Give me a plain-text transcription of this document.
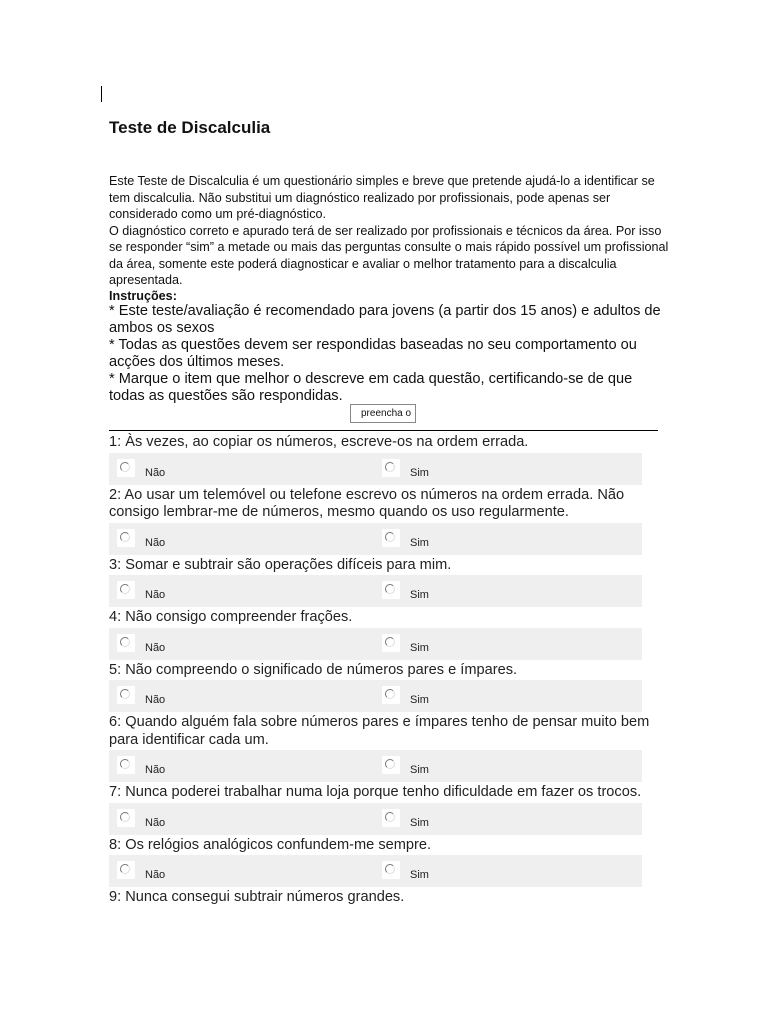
Teste de Discalculia

Este Teste de Discalculia é um questionário simples e breve que pretende ajudá-lo a identificar se tem discalculia. Não substitui um diagnóstico realizado por profissionais, pode apenas ser considerado como um pré-diagnóstico.

O diagnóstico correto e apurado terá de ser realizado por profissionais e técnicos da área. Por isso se responder “sim” a metade ou mais das perguntas consulte o mais rápido possível um profissional da área, somente este poderá diagnosticar e avaliar o melhor tratamento para a discalculia apresentada.

Instruções:

* Este teste/avaliação é recomendado para jovens (a partir dos 15 anos) e adultos de ambos os sexos

* Todas as questões devem ser respondidas baseadas no seu comportamento ou acções dos últimos meses.

* Marque o item que melhor o descreve em cada questão, certificando-se de que todas as questões são respondidas.

preencha o

1: Às vezes, ao copiar os números, escreve-os na ordem errada.

Não	Sim

2: Ao usar um telemóvel ou telefone escrevo os números na ordem errada. Não consigo lembrar-me de números, mesmo quando os uso regularmente.

Não	Sim

3: Somar e subtrair são operações difíceis para mim.

Não	Sim

4: Não consigo compreender frações.

Não	Sim

5: Não compreendo o significado de números pares e ímpares.

Não	Sim

6: Quando alguém fala sobre números pares e ímpares tenho de pensar muito bem para identificar cada um.

Não	Sim

7: Nunca poderei trabalhar numa loja porque tenho dificuldade em fazer os trocos.

Não	Sim

8: Os relógios analógicos confundem-me sempre.

Não	Sim

9: Nunca consegui subtrair números grandes.
